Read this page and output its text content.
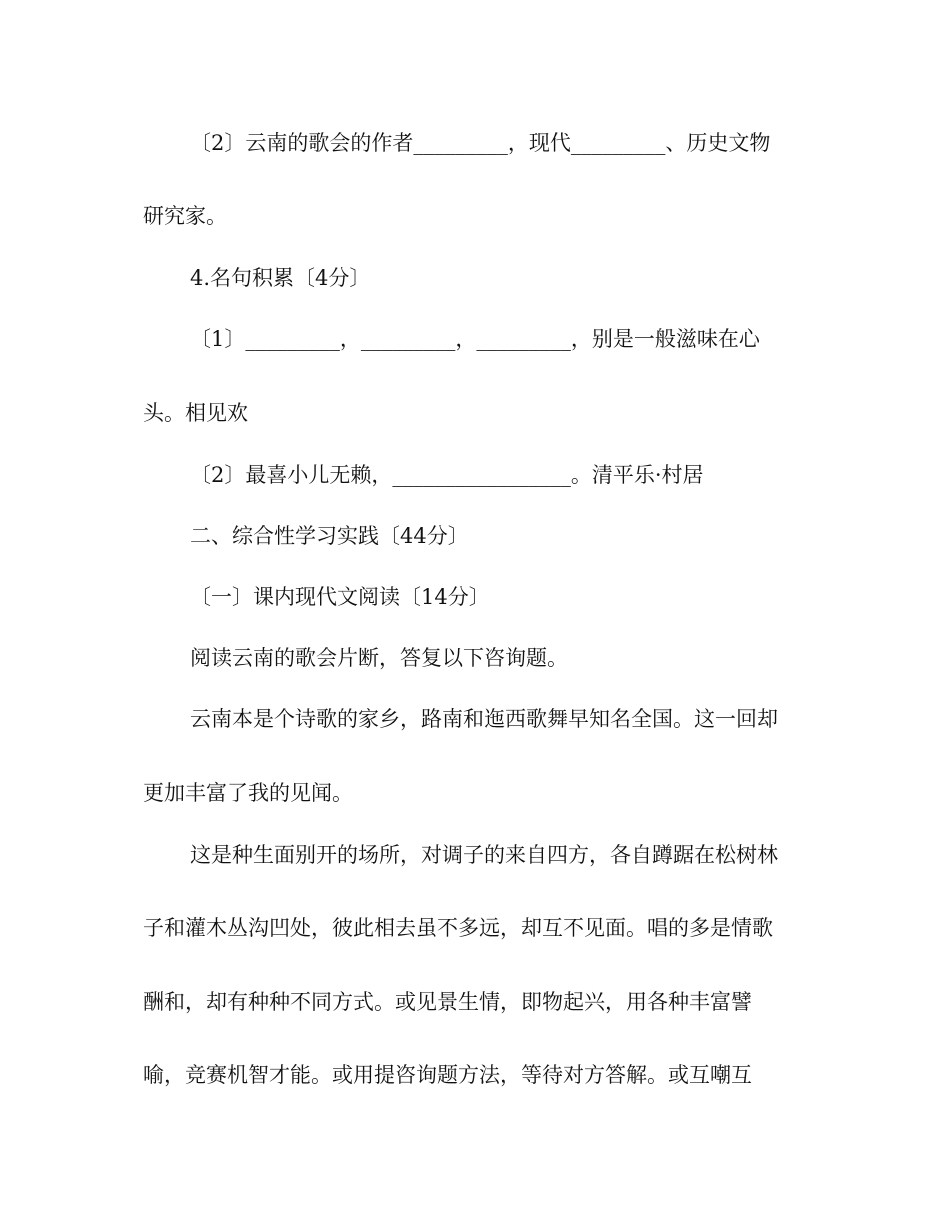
〔2〕云南的歌会的作者_________，现代_________、历史文物

研究家。

4.名句积累〔4分〕

〔1〕_________，_________，_________，别是一般滋味在心

头。相见欢

〔2〕最喜小儿无赖，_________________。清平乐·村居

二、综合性学习实践〔44分〕

〔一〕课内现代文阅读〔14分〕

阅读云南的歌会片断，答复以下咨询题。

云南本是个诗歌的家乡，路南和迤西歌舞早知名全国。这一回却

更加丰富了我的见闻。

这是种生面别开的场所，对调子的来自四方，各自蹲踞在松树林

子和灌木丛沟凹处，彼此相去虽不多远，却互不见面。唱的多是情歌

酬和，却有种种不同方式。或见景生情，即物起兴，用各种丰富譬

喻，竞赛机智才能。或用提咨询题方法，等待对方答解。或互嘲互
